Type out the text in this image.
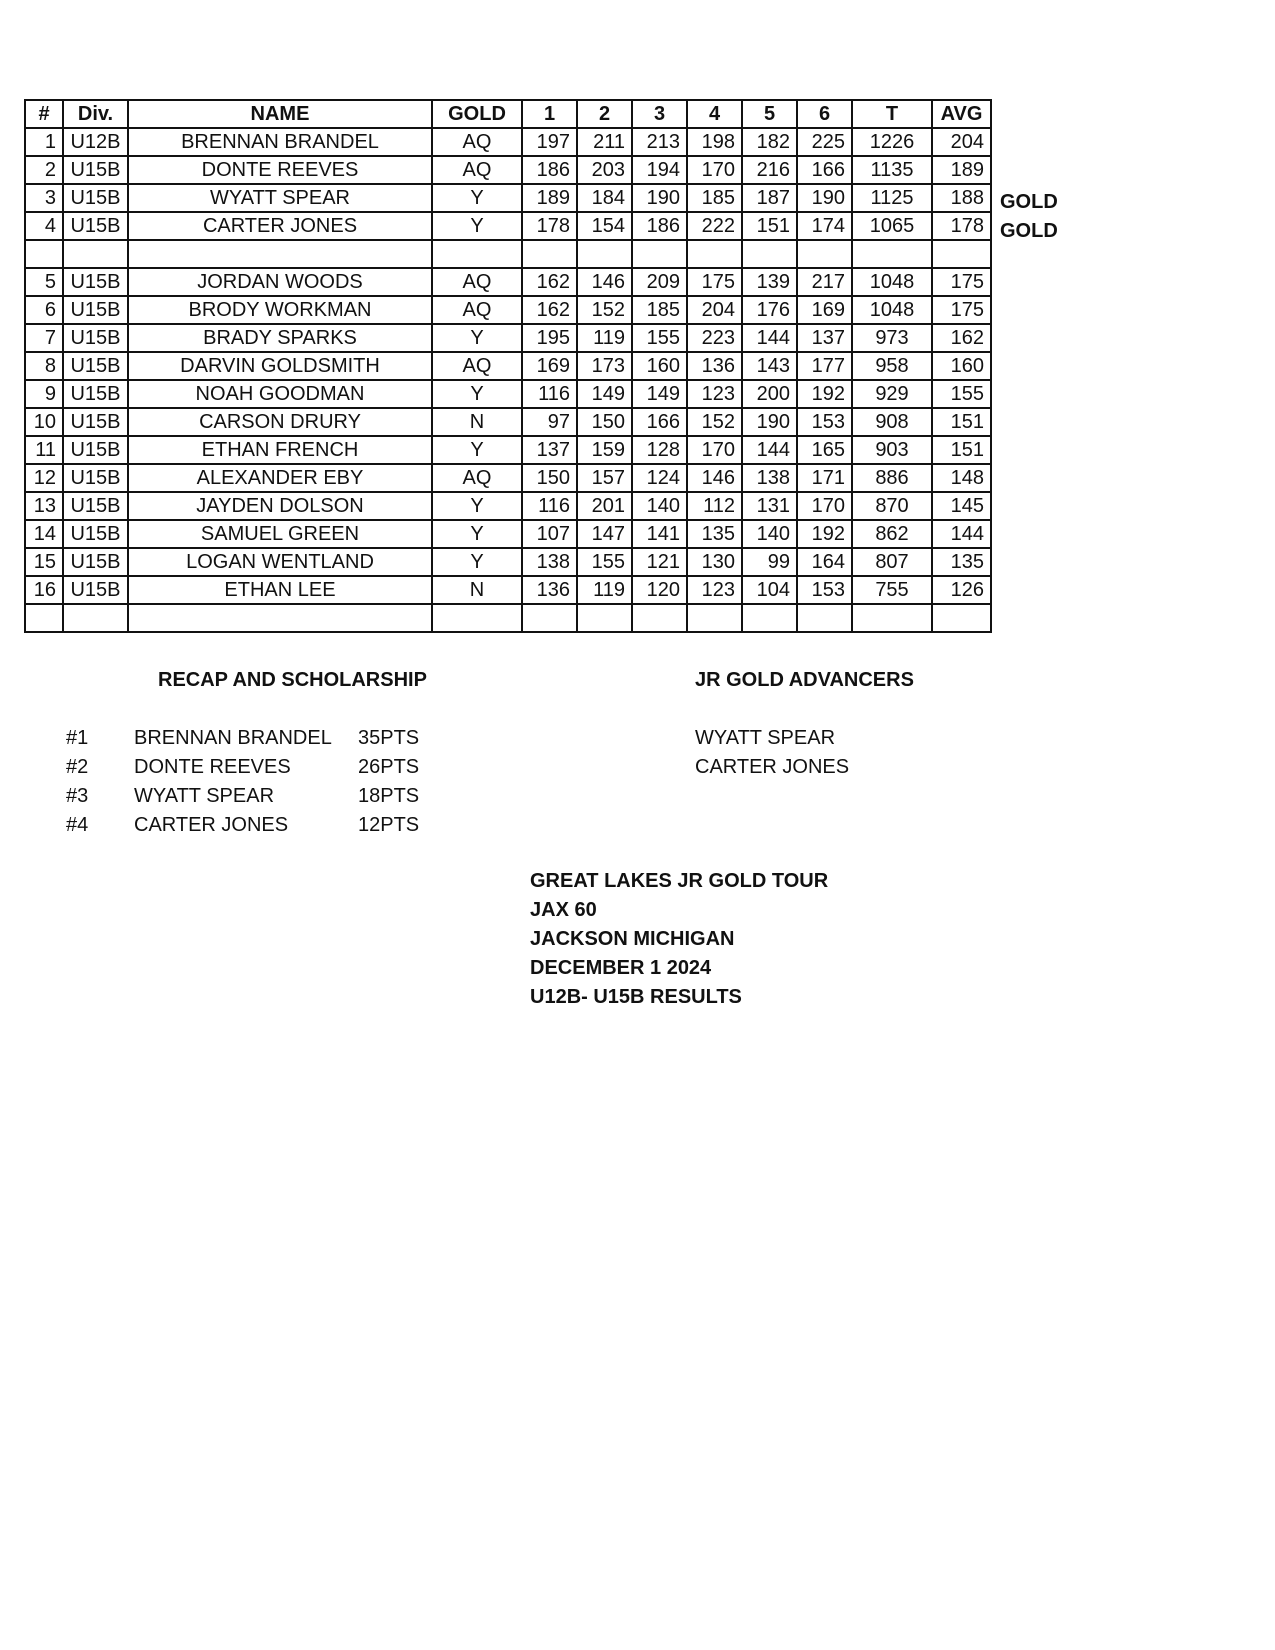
#	Div.	NAME	GOLD	1	2	3	4	5	6	T	AVG
1	U12B	BRENNAN BRANDEL	AQ	197	211	213	198	182	225	1226	204
2	U15B	DONTE REEVES	AQ	186	203	194	170	216	166	1135	189
3	U15B	WYATT SPEAR	Y	189	184	190	185	187	190	1125	188
4	U15B	CARTER JONES	Y	178	154	186	222	151	174	1065	178

5	U15B	JORDAN WOODS	AQ	162	146	209	175	139	217	1048	175
6	U15B	BRODY WORKMAN	AQ	162	152	185	204	176	169	1048	175
7	U15B	BRADY SPARKS	Y	195	119	155	223	144	137	973	162
8	U15B	DARVIN GOLDSMITH	AQ	169	173	160	136	143	177	958	160
9	U15B	NOAH GOODMAN	Y	116	149	149	123	200	192	929	155
10	U15B	CARSON DRURY	N	97	150	166	152	190	153	908	151
11	U15B	ETHAN FRENCH	Y	137	159	128	170	144	165	903	151
12	U15B	ALEXANDER EBY	AQ	150	157	124	146	138	171	886	148
13	U15B	JAYDEN DOLSON	Y	116	201	140	112	131	170	870	145
14	U15B	SAMUEL GREEN	Y	107	147	141	135	140	192	862	144
15	U15B	LOGAN WENTLAND	Y	138	155	121	130	99	164	807	135
16	U15B	ETHAN LEE	N	136	119	120	123	104	153	755	126

GOLD
GOLD
RECAP AND SCHOLARSHIP
#1 BRENNAN BRANDEL 35PTS
#2 DONTE REEVES	26PTS
#3 WYATT SPEAR	18PTS
#4 CARTER JONES	12PTS
JR GOLD ADVANCERS
WYATT SPEAR
CARTER JONES
GREAT LAKES JR GOLD TOUR
JAX 60
JACKSON MICHIGAN
DECEMBER 1 2024
U12B- U15B RESULTS
